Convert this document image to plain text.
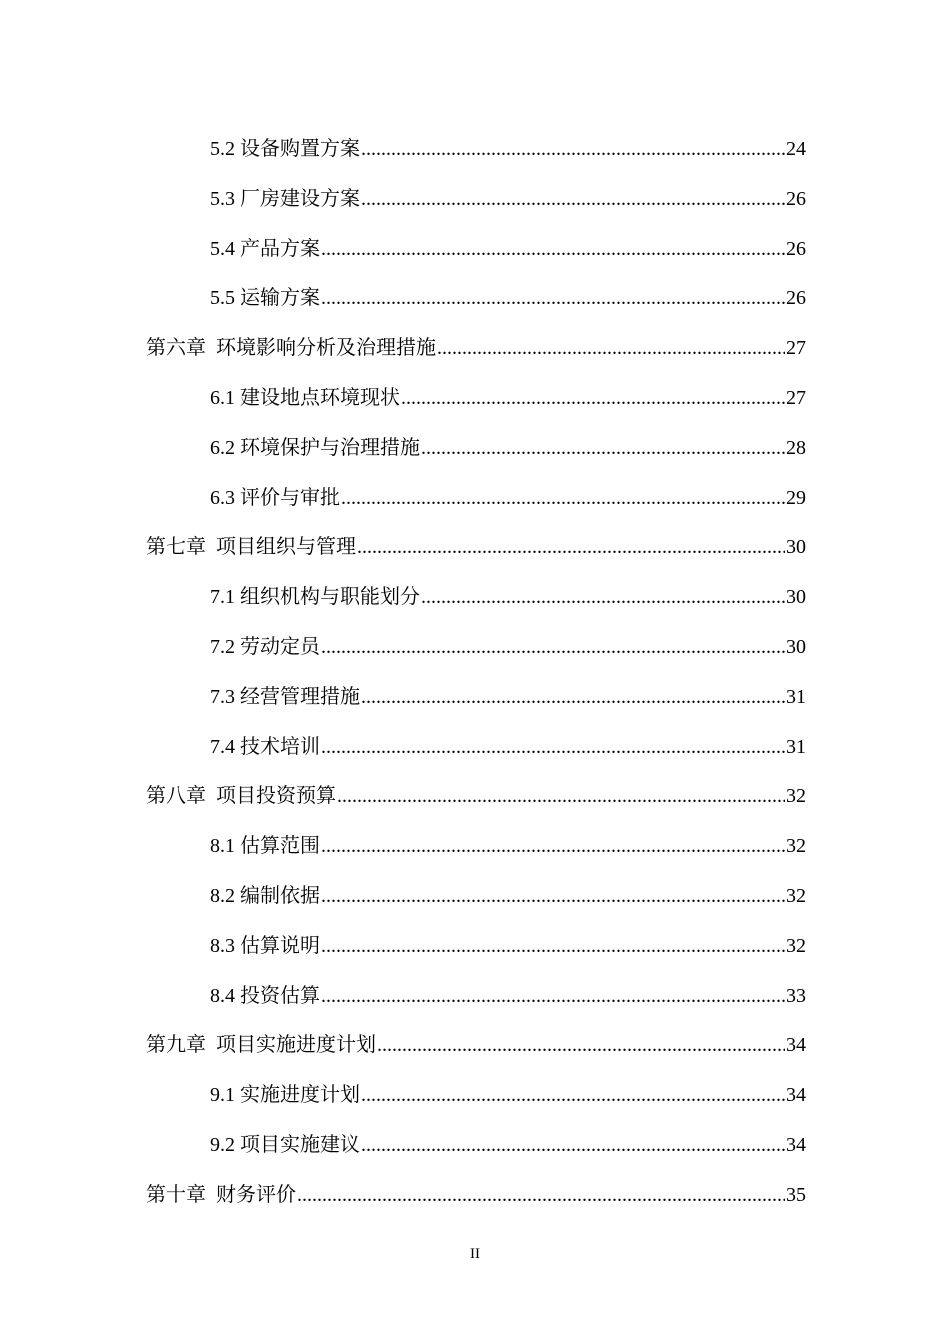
5.2 设备购置方案 .....	24
5.3 厂房建设方案 .....	26
5.4 产品方案 .....	26
5.5 运输方案 .....	26
第六章 环境影响分析及治理措施 .....	27
6.1 建设地点环境现状 .....	27
6.2 环境保护与治理措施 .....	28
6.3 评价与审批 .....	29
第七章 项目组织与管理 .....	30
7.1 组织机构与职能划分 .....	30
7.2 劳动定员 .....	30
7.3 经营管理措施 .....	31
7.4 技术培训 .....	31
第八章 项目投资预算 .....	32
8.1 估算范围 .....	32
8.2 编制依据 .....	32
8.3 估算说明 .....	32
8.4 投资估算 .....	33
第九章 项目实施进度计划 .....	34
9.1 实施进度计划 .....	34
9.2 项目实施建议 .....	34
第十章 财务评价 .....	35
II
